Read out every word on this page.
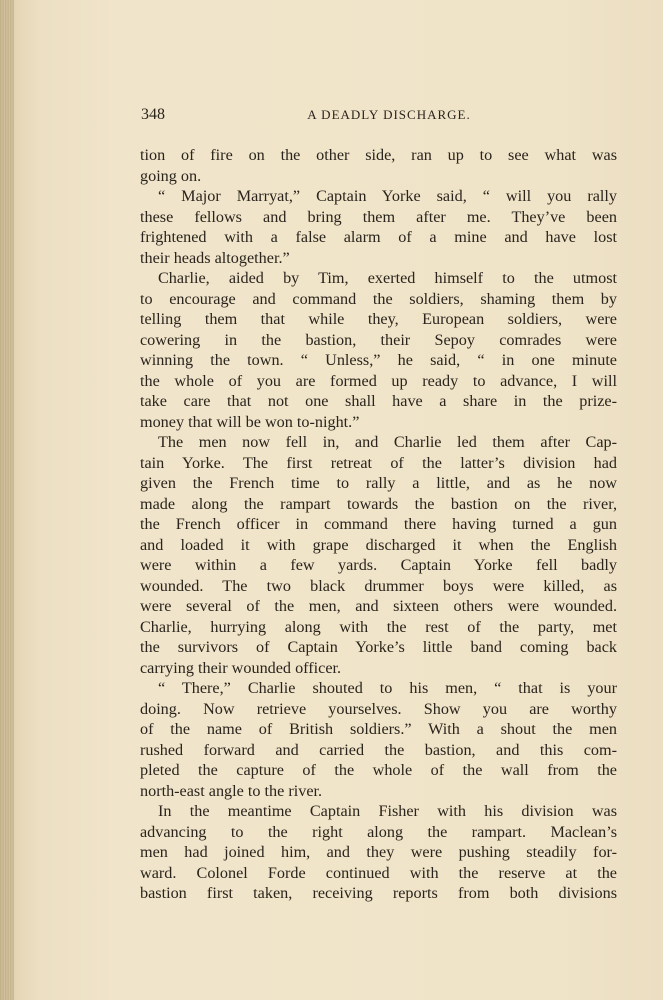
348	A DEADLY DISCHARGE.
tion of fire on the other side, ran up to see what was
going on.
“ Major Marryat,” Captain Yorke said, “ will you rally
these fellows and bring them after me. They’ve been
frightened with a false alarm of a mine and have lost
their heads altogether.”
Charlie, aided by Tim, exerted himself to the utmost
to encourage and command the soldiers, shaming them by
telling them that while they, European soldiers, were
cowering in the bastion, their Sepoy comrades were
winning the town. “ Unless,” he said, “ in one minute
the whole of you are formed up ready to advance, I will
take care that not one shall have a share in the prize-
money that will be won to-night.”
The men now fell in, and Charlie led them after Cap-
tain Yorke. The first retreat of the latter’s division had
given the French time to rally a little, and as he now
made along the rampart towards the bastion on the river,
the French officer in command there having turned a gun
and loaded it with grape discharged it when the English
were within a few yards. Captain Yorke fell badly
wounded. The two black drummer boys were killed, as
were several of the men, and sixteen others were wounded.
Charlie, hurrying along with the rest of the party, met
the survivors of Captain Yorke’s little band coming back
carrying their wounded officer.
“ There,” Charlie shouted to his men, “ that is your
doing. Now retrieve yourselves. Show you are worthy
of the name of British soldiers.” With a shout the men
rushed forward and carried the bastion, and this com-
pleted the capture of the whole of the wall from the
north-east angle to the river.
In the meantime Captain Fisher with his division was
advancing to the right along the rampart. Maclean’s
men had joined him, and they were pushing steadily for-
ward. Colonel Forde continued with the reserve at the
bastion first taken, receiving reports from both divisions
